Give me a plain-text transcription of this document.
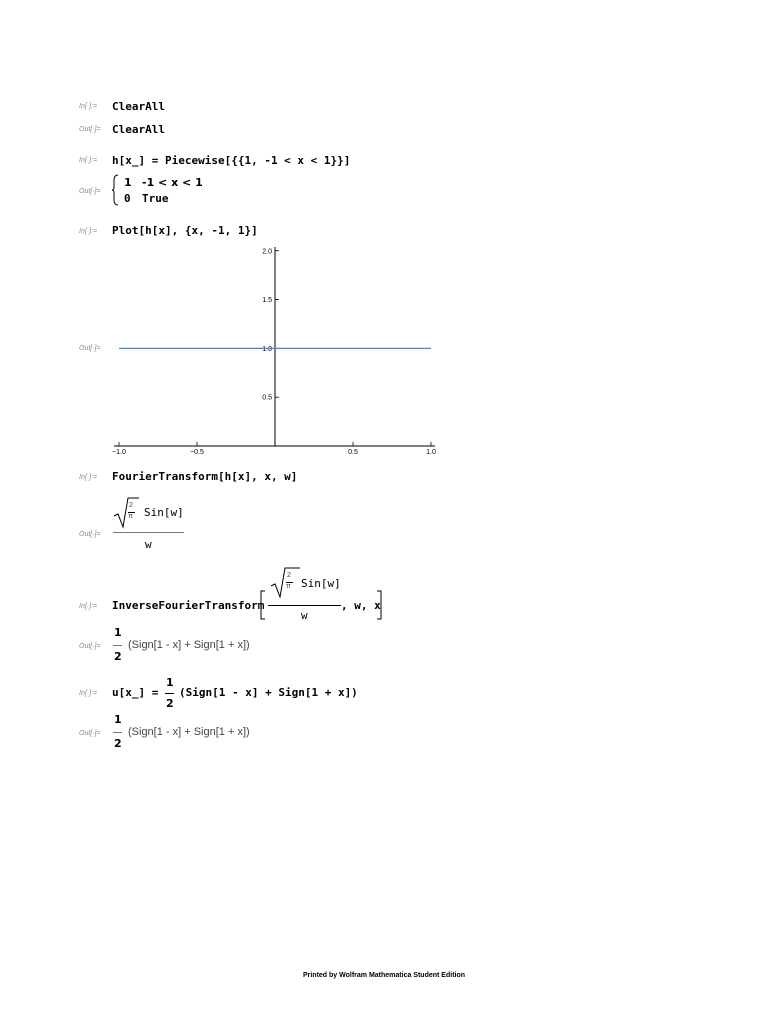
In[·]:=	ClearAll
Out[·]=	ClearAll
In[·]:=	h[x_] = Piecewise[{{1, -1 < x < 1}}]
Out[·]=
1 -1 < x < 1
0 True
In[·]:=	Plot[h[x], {x, -1, 1}]
Out[·]=
−1.0	−0.5	0.5	1.0
0.5
1.0
1.5
2.0
In[·]:=	FourierTransform[h[x], x, w]
Out[·]=
2
π Sin[w]
w
In[·]:=	InverseFourierTransform
2
π Sin[w]
w
, w, x
Out[·]=
1
2
(Sign[1 - x] + Sign[1 + x])
In[·]:=	u[x_] =
1
2
(Sign[1 - x] + Sign[1 + x])
Out[·]=
1
2
(Sign[1 - x] + Sign[1 + x])
Printed by Wolfram Mathematica Student Edition
